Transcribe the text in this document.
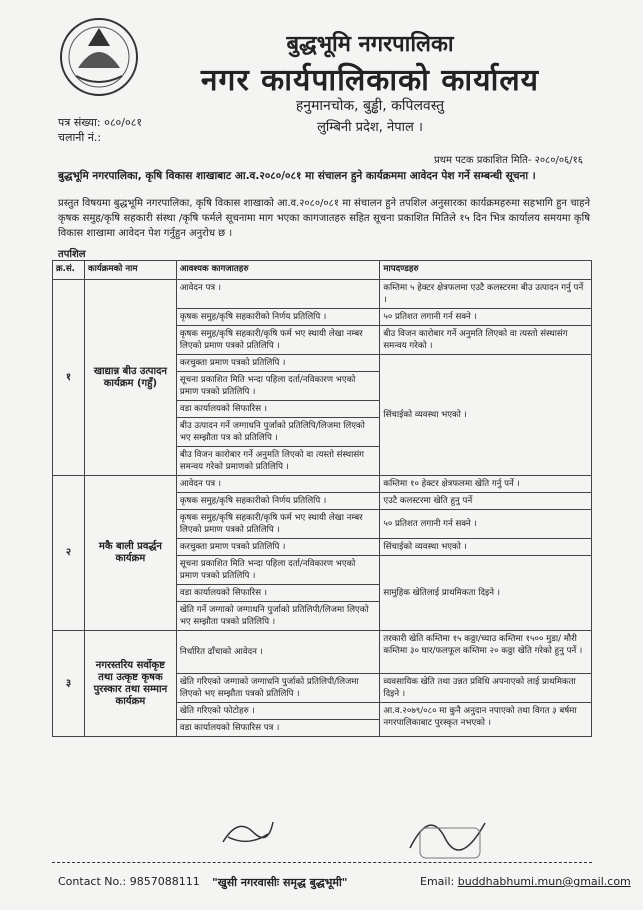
बुद्धभूमि नगरपालिका
नगर कार्यपालिकाको कार्यालय
हनुमानचोक, बुड्ढी, कपिलवस्तु
लुम्बिनी प्रदेश, नेपाल ।
पत्र संख्या: ०८०/०८१
चलानी नं.:
प्रथम पटक प्रकाशित मिति- २०८०/०६/१६
बुद्धभूमि नगरपालिका, कृषि विकास शाखाबाट आ.व.२०८०/०८१ मा संचालन हुने कार्यक्रममा आवेदन पेश गर्ने सम्बन्धी सूचना ।
प्रस्तुत विषयमा बुद्धभूमि नगरपालिका, कृषि विकास शाखाको आ.व.२०८०/०८१ मा संचालन हुने तपशिल अनुसारका कार्यक्रमहरुमा सहभागि हुन चाहने कृषक समुह/कृषि सहकारी संस्था /कृषि फर्मले सूचनामा माग भएका कागजातहरु सहित सूचना प्रकाशित मितिले १५ दिन भित्र कार्यालय समयमा कृषि विकास शाखामा आवेदन पेश गर्नुहुन अनुरोध छ ।
तपशिल
क्र.सं.	कार्यक्रमको नाम	आवश्यक कागजातहरु	मापदण्डहरु
१	खाद्यान्न बीउ उत्पादन कार्यक्रम (गहुँ)	आवेदन पत्र ।	कम्तिमा ५ हेक्टर क्षेत्रफलमा एउटै कलस्टरमा बीउ उत्पादन गर्नु पर्ने ।
		कृषक समुह/कृषि सहकारीको निर्णय प्रतिलिपि ।	५० प्रतिशत लगानी गर्न सक्ने ।
		कृषक समुह/कृषि सहकारी/कृषि फर्म भए स्थायी लेखा नम्बर लिएको प्रमाण पत्रको प्रतिलिपि ।	बीउ विजन कारोबार गर्ने अनुमति लिएको वा त्यस्तो संस्थासंग समन्वय गरेको ।
		करचुक्ता प्रमाण पत्रको प्रतिलिपि ।	सिंचाईको व्यवस्था भएको ।
		सूचना प्रकाशित मिति भन्दा पहिला दर्ता/नविकारण भएको प्रमाण पत्रको प्रतिलिपि ।	
		वडा कार्यालयको सिफारिस ।	
		बीउ उत्पादन गर्ने जग्गाधनि पुर्जाको प्रतिलिपि/लिजमा लिएको भए सम्झौता पत्र को प्रतिलिपि ।	
		बीउ विजन कारोबार गर्ने अनुमति लिएको वा त्यस्तो संस्थासंग समन्वय गरेको प्रमाणको प्रतिलिपि ।	
२	मकै बाली प्रवर्द्धन कार्यक्रम	आवेदन पत्र ।	कम्तिमा १० हेक्टर क्षेत्रफलमा खेति गर्नु पर्ने ।
		कृषक समुह/कृषि सहकारीको निर्णय प्रतिलिपि ।	एउटै कलस्टरमा खेति हुनु पर्ने
		कृषक समुह/कृषि सहकारी/कृषि फर्म भए स्थायी लेखा नम्बर लिएको प्रमाण पत्रको प्रतिलिपि ।	५० प्रतिशत लगानी गर्न सक्ने ।
		करचुक्ता प्रमाण पत्रको प्रतिलिपि ।	सिंचाईको व्यवस्था भएको ।
		सूचना प्रकाशित मिति भन्दा पहिला दर्ता/नविकारण भएको प्रमाण पत्रको प्रतिलिपि ।	सामुहिक खेतिलाई प्राथमिकता दिइने ।
		वडा कार्यालयको सिफारिस ।	
		खेति गर्ने जग्गाको जग्गाधनि पुर्जाको प्रतिलिपी/लिजमा लिएको भए सम्झौता पत्रको प्रतिलिपि ।	
३	नगरस्तरिय सर्वोकृष्ट तथा उत्कृष्ट कृषक पुरस्कार तथा सम्मान कार्यक्रम	निर्धारित ढाँचाको आवेदन ।	तरकारी खेति कम्तिमा १५ कठ्ठा/च्याउ कम्तिमा १५०० मुडा/ मौरी कम्तिमा ३० घार/फलफूल कम्तिमा २० कठ्ठा खेति गरेको हुनु पर्ने ।
		खेति गरिएको जग्गाको जग्गाधनि पुर्जाको प्रतिलिपी/लिजमा लिएको भए सम्झौता पत्रको प्रतिलिपि ।	व्यवसायिक खेति तथा उन्नत प्रविधि अपनाएको लाई प्राथमिकता दिइने ।
		खेति गरिएको फोटोहरु ।	आ.व.२०७९/०८० मा कुनै अनुदान नपाएको तथा विगत ३ बर्षमा नगरपालिकाबाट पुरस्कृत नभएको ।
		वडा कार्यालयको सिफारिस पत्र ।	
Contact No.: 9857088111 "खुसी नगरवासीः समृद्ध बुद्धभूमी"	Email: buddhabhumi.mun@gmail.com
